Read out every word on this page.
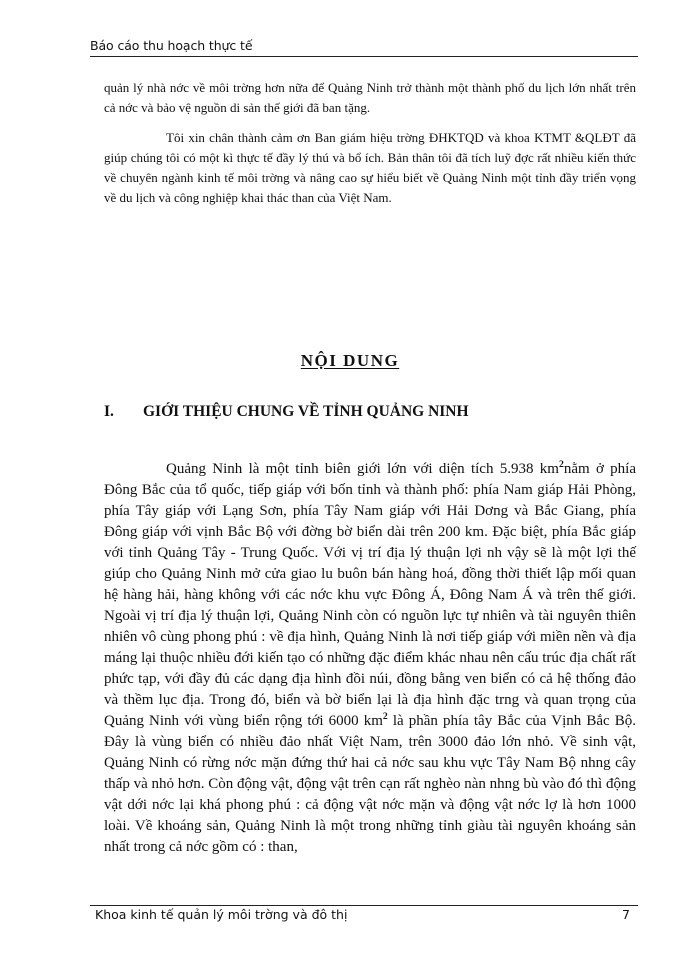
Báo cáo thu hoạch thực tế

quản lý nhà nớc về môi trờng hơn nữa để Quảng Ninh trở thành một thành phố du lịch lớn nhất trên cả nớc và bảo vệ nguồn di sản thế giới đã ban tặng.

Tôi xin chân thành cảm ơn Ban giám hiệu trờng ĐHKTQD và khoa KTMT &QLĐT đã giúp chúng tôi có một kì thực tế đầy lý thú và bổ ích. Bản thân tôi đã tích luỹ đợc rất nhiều kiến thức về chuyên ngành kinh tế môi trờng và nâng cao sự hiểu biết về Quảng Ninh một tỉnh đầy triển vọng về du lịch và công nghiệp khai thác than của Việt Nam.

NỘI DUNG
I. GIỚI THIỆU CHUNG VỀ TỈNH QUẢNG NINH

Quảng Ninh là một tỉnh biên giới lớn với diện tích 5.938 $km^2nằm$ ở phía Đông Bắc của tổ quốc, tiếp giáp với bốn tỉnh và thành phố: phía Nam giáp Hải Phòng, phía Tây giáp với Lạng Sơn, phía Tây Nam giáp với Hải Dơng và Bắc Giang, phía Đông giáp với vịnh Bắc Bộ với đờng bờ biển dài trên 200 km. Đặc biệt, phía Bắc giáp với tỉnh Quảng Tây - Trung Quốc. Với vị trí địa lý thuận lợi nh vậy sẽ là một lợi thế giúp cho Quảng Ninh mở cửa giao lu buôn bán hàng hoá, đồng thời thiết lập mối quan hệ hàng hải, hàng không với các nớc khu vực Đông Á, Đông Nam Á và trên thế giới. Ngoài vị trí địa lý thuận lợi, Quảng Ninh còn có nguồn lực tự nhiên và tài nguyên thiên nhiên vô cùng phong phú : về địa hình, Quảng Ninh là nơi tiếp giáp với miền nền và địa máng lại thuộc nhiều đới kiến tạo có những đặc điểm khác nhau nên cấu trúc địa chất rất phức tạp, với đầy đủ các dạng địa hình đồi núi, đồng bằng ven biển có cả hệ thống đảo và thềm lục địa. Trong đó, biển và bờ biển lại là địa hình đặc trng và quan trọng của Quảng Ninh với vùng biển rộng tới 6000 $km^2$ là phần phía tây Bắc của Vịnh Bắc Bộ. Đây là vùng biển có nhiều đảo nhất Việt Nam, trên 3000 đảo lớn nhỏ. Về sinh vật, Quảng Ninh có rừng nớc mặn đứng thứ hai cả nớc sau khu vực Tây Nam Bộ nhng cây thấp và nhỏ hơn. Còn động vật, động vật trên cạn rất nghèo nàn nhng bù vào đó thì động vật dới nớc lại khá phong phú : cả động vật nớc mặn và động vật nớc lợ là hơn 1000 loài. Về khoáng sản, Quảng Ninh là một trong những tỉnh giàu tài nguyên khoáng sản nhất trong cả nớc gồm có : than,

Khoa kinh tế quản lý môi trờng và đô thị	7
